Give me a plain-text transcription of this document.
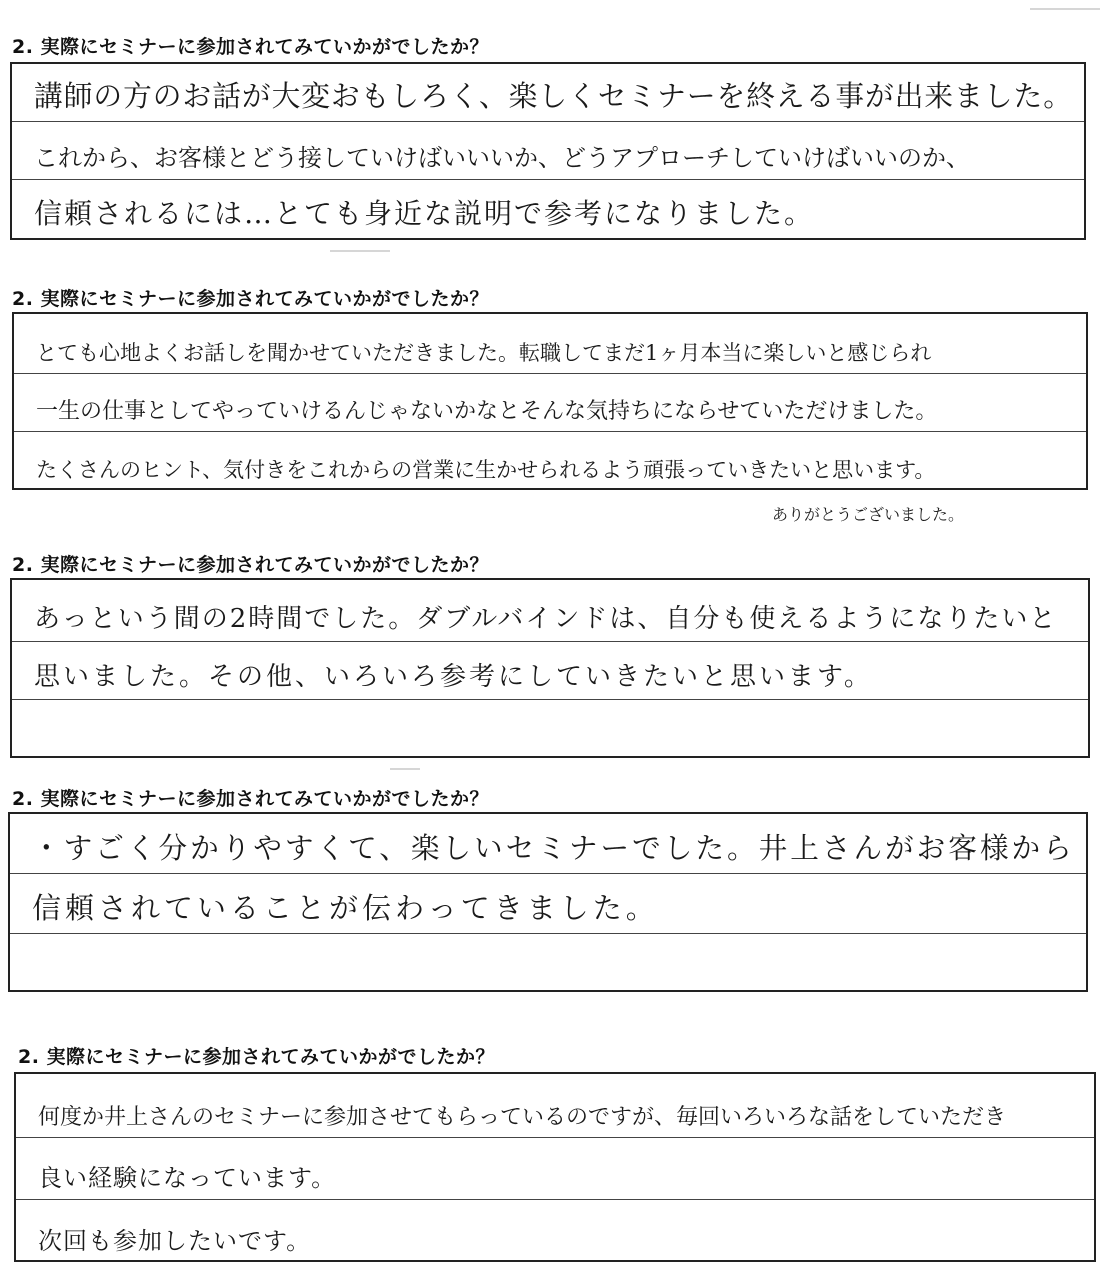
2. 実際にセミナーに参加されてみていかがでしたか？
講師の方のお話が大変おもしろく、楽しくセミナーを終える事が出来ました。
これから、お客様とどう接していけばいいいか、どうアプローチしていけばいいのか、
信頼されるには…とても身近な説明で参考になりました。
2. 実際にセミナーに参加されてみていかがでしたか？
とても心地よくお話しを聞かせていただきました。転職してまだ1ヶ月本当に楽しいと感じられ
一生の仕事としてやっていけるんじゃないかなとそんな気持ちにならせていただけました。
たくさんのヒント、気付きをこれからの営業に生かせられるよう頑張っていきたいと思います。
ありがとうございました。
2. 実際にセミナーに参加されてみていかがでしたか？
あっという間の2時間でした。ダブルバインドは、自分も使えるようになりたいと
思いました。その他、いろいろ参考にしていきたいと思います。
2. 実際にセミナーに参加されてみていかがでしたか？
・すごく分かりやすくて、楽しいセミナーでした。井上さんがお客様から
信頼されていることが伝わってきました。
2. 実際にセミナーに参加されてみていかがでしたか？
何度か井上さんのセミナーに参加させてもらっているのですが、毎回いろいろな話をしていただき
良い経験になっています。
次回も参加したいです。
